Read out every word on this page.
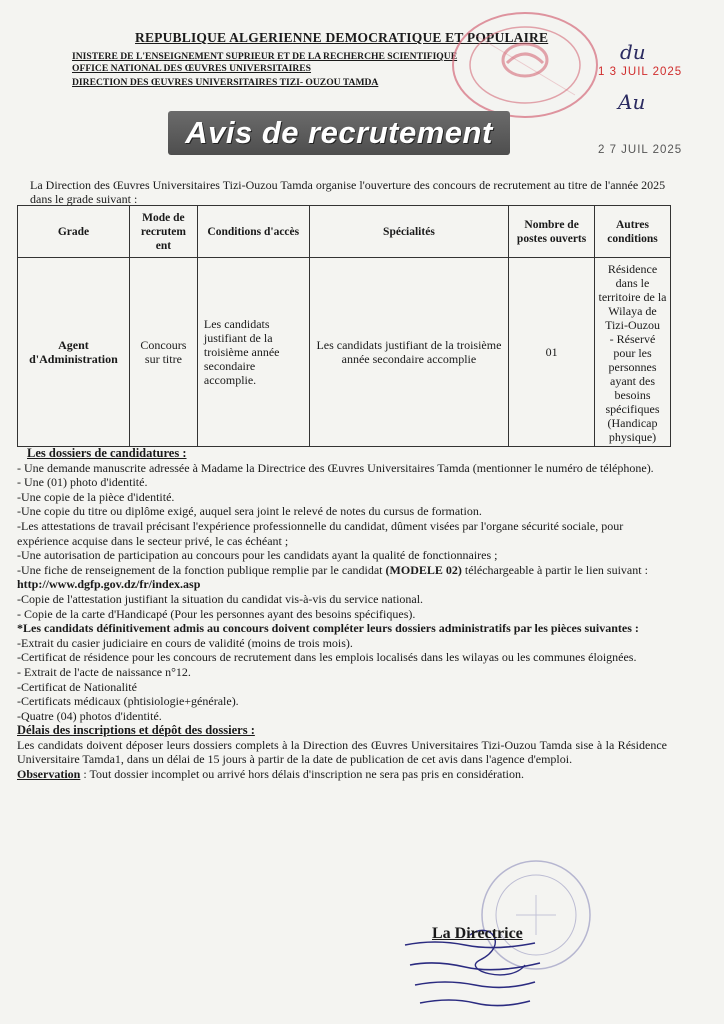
REPUBLIQUE ALGERIENNE DEMOCRATIQUE ET POPULAIRE
INISTERE DE L'ENSEIGNEMENT SUPRIEUR ET DE LA RECHERCHE SCIENTIFIQUE
OFFICE NATIONAL DES ŒUVRES UNIVERSITAIRES
DIRECTION DES ŒUVRES UNIVERSITAIRES TIZI- OUZOU TAMDA
du
1 3 JUIL 2025
Au
2 7 JUIL 2025
Avis de recrutement
La Direction des Œuvres Universitaires Tizi-Ouzou Tamda organise l'ouverture des concours de recrutement au titre de l'année 2025 dans le grade suivant :
Grade	Mode de recrutem ent	Conditions d'accès	Spécialités	Nombre de postes ouverts	Autres conditions
Agent d'Administration	Concours sur titre	Les candidats justifiant de la troisième année secondaire accomplie.	Les candidats justifiant de la troisième année secondaire accomplie	01	Résidence dans le territoire de la Wilaya de Tizi-Ouzou
- Réservé pour les personnes ayant des besoins spécifiques (Handicap physique)

Les dossiers de candidatures :

- Une demande manuscrite adressée à Madame la Directrice des Œuvres Universitaires Tamda (mentionner le numéro de téléphone).

- Une (01) photo d'identité.

-Une copie de la pièce d'identité.

-Une copie du titre ou diplôme exigé, auquel sera joint le relevé de notes du cursus de formation.

-Les attestations de travail précisant l'expérience professionnelle du candidat, dûment visées par l'organe sécurité sociale, pour expérience acquise dans le secteur privé, le cas échéant ;

-Une autorisation de participation au concours pour les candidats ayant la qualité de fonctionnaires ;

-Une fiche de renseignement de la fonction publique remplie par le candidat (MODELE 02) téléchargeable à partir le lien suivant : http://www.dgfp.gov.dz/fr/index.asp

-Copie de l'attestation justifiant la situation du candidat vis-à-vis du service national.

- Copie de la carte d'Handicapé (Pour les personnes ayant des besoins spécifiques).

*Les candidats définitivement admis au concours doivent compléter leurs dossiers administratifs par les pièces suivantes :

-Extrait du casier judiciaire en cours de validité (moins de trois mois).

-Certificat de résidence pour les concours de recrutement dans les emplois localisés dans les wilayas ou les communes éloignées.

- Extrait de l'acte de naissance n°12.

-Certificat de Nationalité

-Certificats médicaux (phtisiologie+générale).

-Quatre (04) photos d'identité.

Délais des inscriptions et dépôt des dossiers :

Les candidats doivent déposer leurs dossiers complets à la Direction des Œuvres Universitaires Tizi-Ouzou Tamda sise à la Résidence Universitaire Tamda1, dans un délai de 15 jours à partir de la date de publication de cet avis dans l'agence d'emploi.

Observation : Tout dossier incomplet ou arrivé hors délais d'inscription ne sera pas pris en considération.

La Directrice
